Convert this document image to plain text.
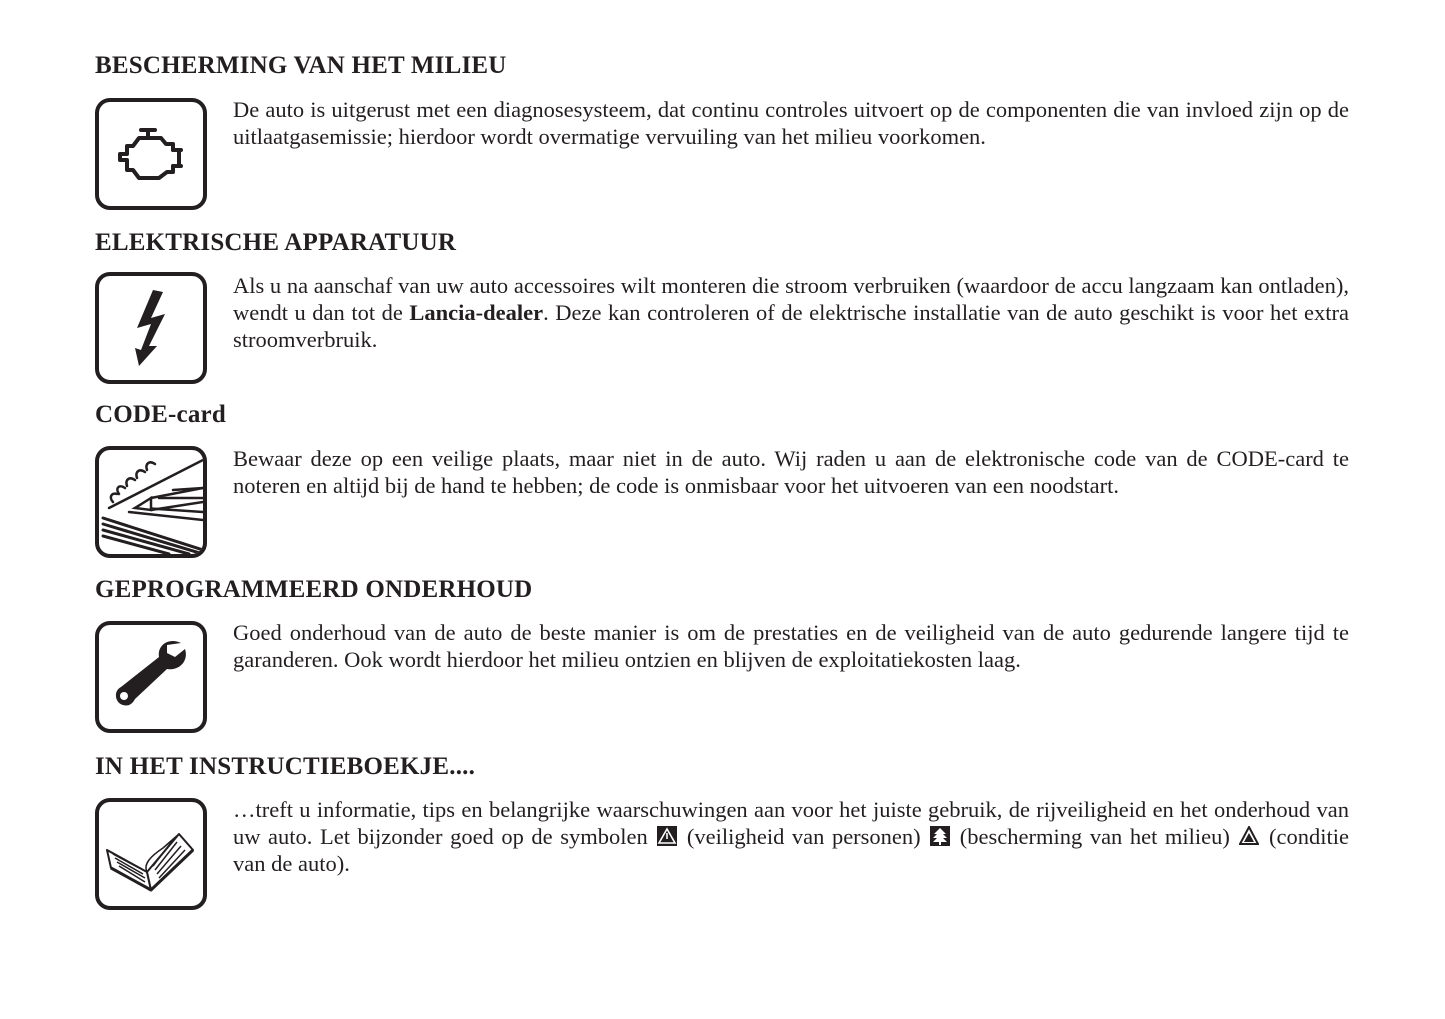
BESCHERMING VAN HET MILIEU

De auto is uitgerust met een diagnosesysteem, dat continu controles uitvoert op de componenten die van invloed zijn op de uitlaatgasemissie; hierdoor wordt overmatige vervuiling van het milieu voorkomen.

ELEKTRISCHE APPARATUUR

Als u na aanschaf van uw auto accessoires wilt monteren die stroom verbruiken (waardoor de accu langzaam kan ontladen), wendt u dan tot de Lancia-dealer. Deze kan controleren of de elektrische installatie van de auto geschikt is voor het extra stroomverbruik.

CODE-card

Bewaar deze op een veilige plaats, maar niet in de auto. Wij raden u aan de elektronische code van de CODE-card te noteren en altijd bij de hand te hebben; de code is onmisbaar voor het uitvoeren van een noodstart.

GEPROGRAMMEERD ONDERHOUD

Goed onderhoud van de auto de beste manier is om de prestaties en de veiligheid van de auto gedurende langere tijd te garanderen. Ook wordt hierdoor het milieu ontzien en blijven de exploitatiekosten laag.

IN HET INSTRUCTIEBOEKJE....

…treft u informatie, tips en belangrijke waarschuwingen aan voor het juiste gebruik, de rijveiligheid en het onderhoud van uw auto. Let bijzonder goed op de symbolen  (veiligheid van personen)  (bescherming van het milieu)  (conditie van de auto).
